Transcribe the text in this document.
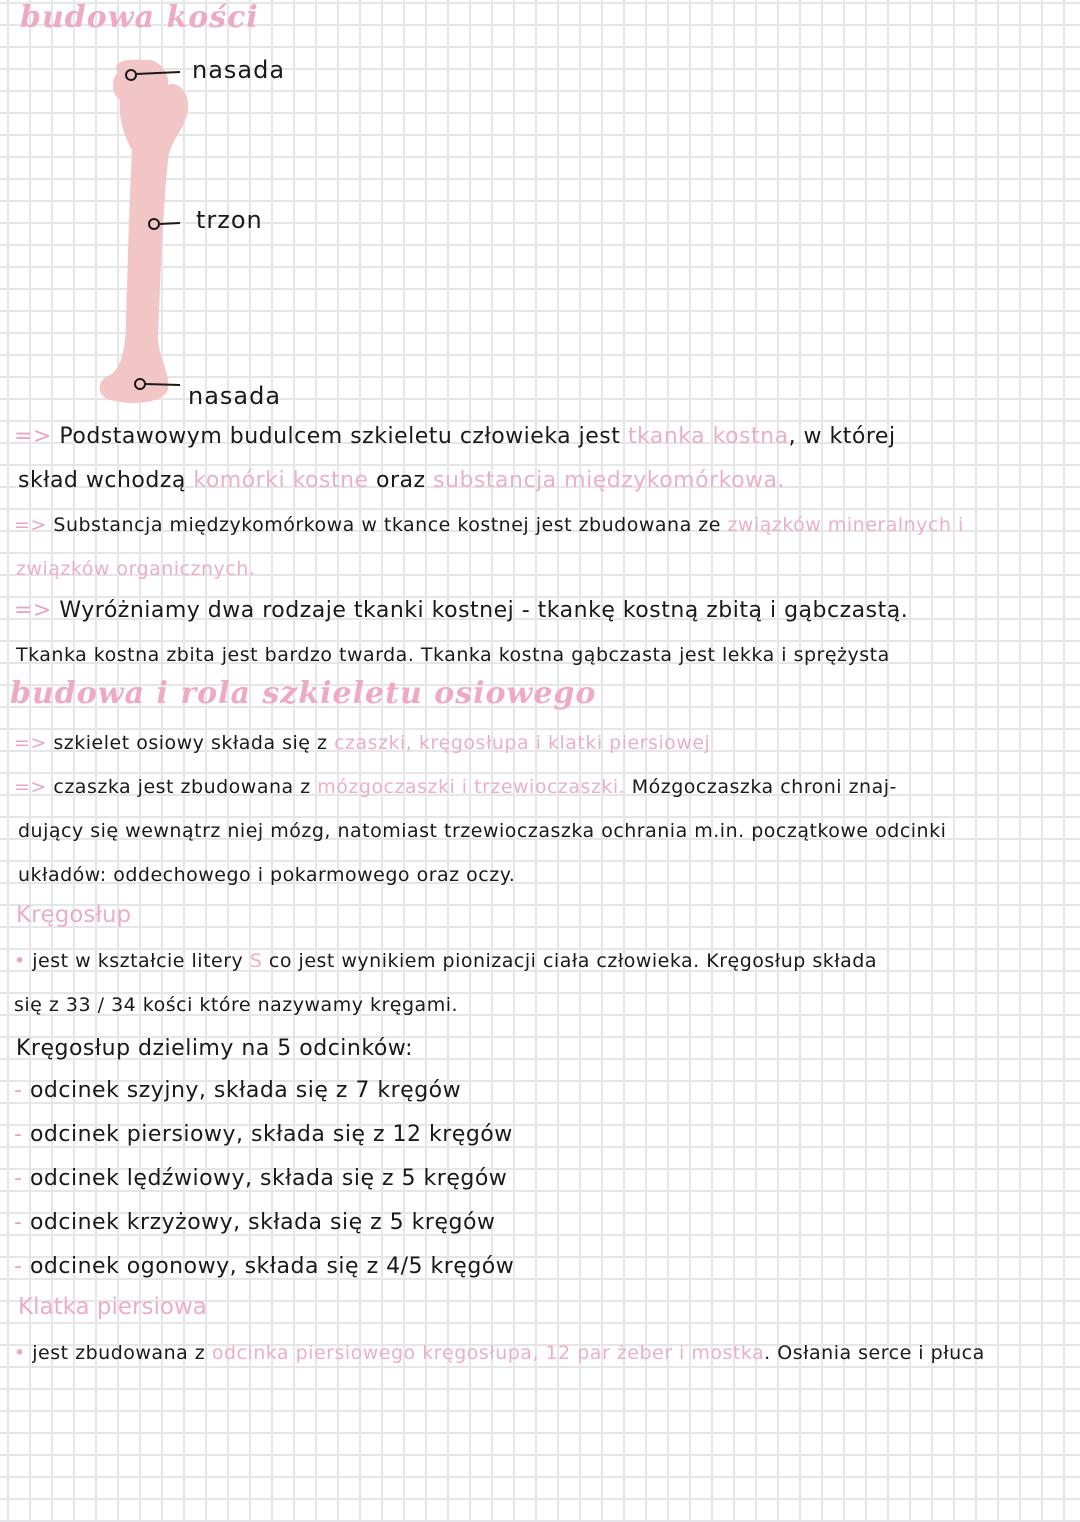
budowa kości
nasada
trzon
nasada
=> Podstawowym budulcem szkieletu człowieka jest tkanka kostna, w której
skład wchodzą komórki kostne oraz substancja międzykomórkowa.
=> Substancja międzykomórkowa w tkance kostnej jest zbudowana ze związków mineralnych i
związków organicznych.
=> Wyróżniamy dwa rodzaje tkanki kostnej - tkankę kostną zbitą i gąbczastą.
Tkanka kostna zbita jest bardzo twarda. Tkanka kostna gąbczasta jest lekka i sprężysta
budowa i rola szkieletu osiowego
=> szkielet osiowy składa się z czaszki, kręgosłupa i klatki piersiowej
=> czaszka jest zbudowana z mózgoczaszki i trzewioczaszki. Mózgoczaszka chroni znaj-
dujący się wewnątrz niej mózg, natomiast trzewioczaszka ochrania m.in. początkowe odcinki
układów: oddechowego i pokarmowego oraz oczy.
Kręgosłup
• jest w kształcie litery S co jest wynikiem pionizacji ciała człowieka. Kręgosłup składa
się z 33 / 34 kości które nazywamy kręgami.
Kręgosłup dzielimy na 5 odcinków:
- odcinek szyjny, składa się z 7 kręgów
- odcinek piersiowy, składa się z 12 kręgów
- odcinek lędźwiowy, składa się z 5 kręgów
- odcinek krzyżowy, składa się z 5 kręgów
- odcinek ogonowy, składa się z 4/5 kręgów
Klatka piersiowa
• jest zbudowana z odcinka piersiowego kręgosłupa, 12 par żeber i mostka. Osłania serce i płuca
